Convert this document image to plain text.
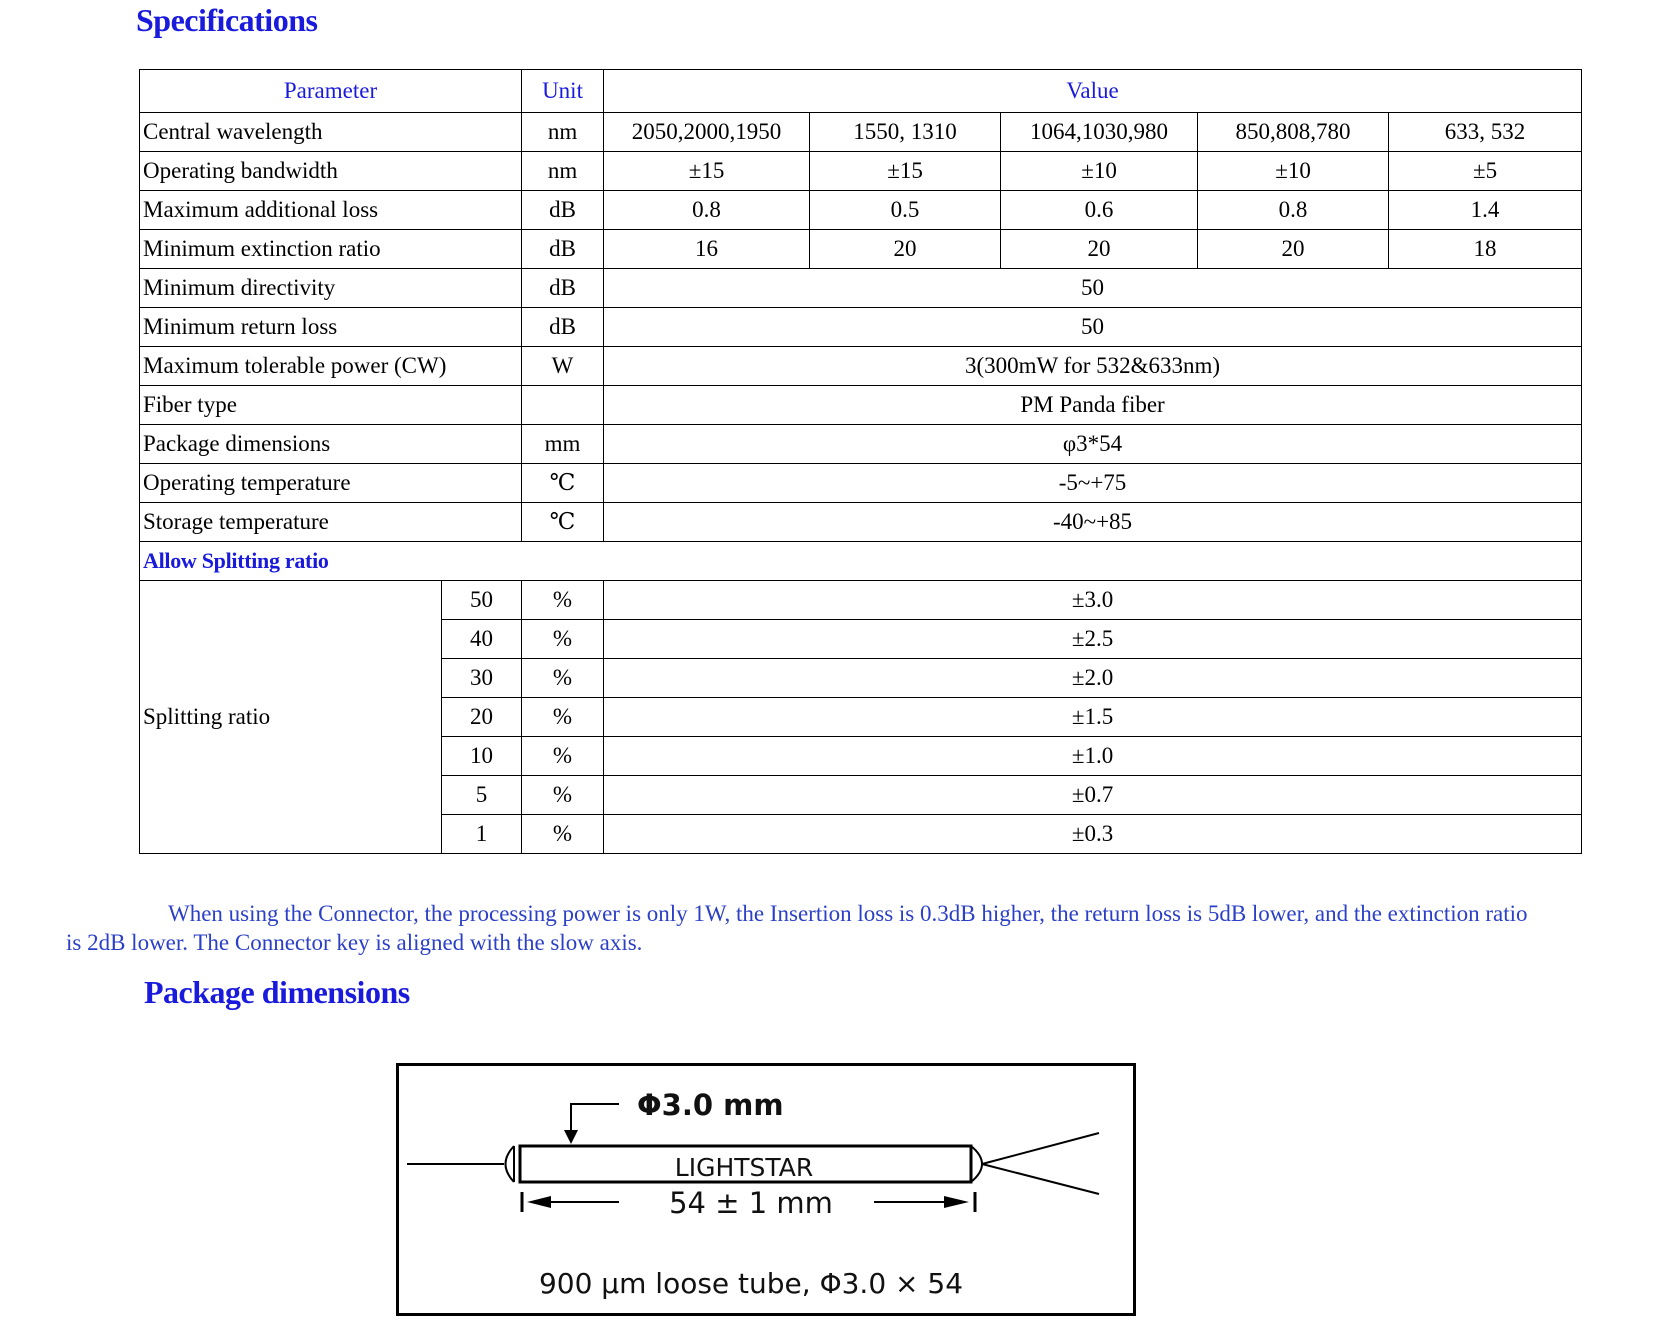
Specifications
Parameter		Unit	Value				
Central wavelength		nm	2050,2000,1950	1550, 1310	1064,1030,980	850,808,780	633, 532
Operating bandwidth		nm	±15	±15	±10	±10	±5
Maximum additional loss		dB	0.8	0.5	0.6	0.8	1.4
Minimum extinction ratio		dB	16	20	20	20	18
Minimum directivity		dB	50				
Minimum return loss		dB	50				
Maximum tolerable power (CW)		W	3(300mW for 532&633nm)				
Fiber type			PM Panda fiber				
Package dimensions		mm	φ3*54				
Operating temperature		℃	-5~+75				
Storage temperature		℃	-40~+85				
Allow Splitting ratio							
Splitting ratio	50	%	±3.0				
	40	%	±2.5				
	30	%	±2.0				
	20	%	±1.5				
	10	%	±1.0				
	5	%	±0.7				
	1	%	±0.3				

When using the Connector, the processing power is only 1W, the Insertion loss is 0.3dB higher, the return loss is 5dB lower, and the extinction ratio is 2dB lower. The Connector key is aligned with the slow axis.

Package dimensions
Φ3.0 mm
LIGHTSTAR
54 ± 1 mm
900 μm loose tube, Φ3.0 × 54
